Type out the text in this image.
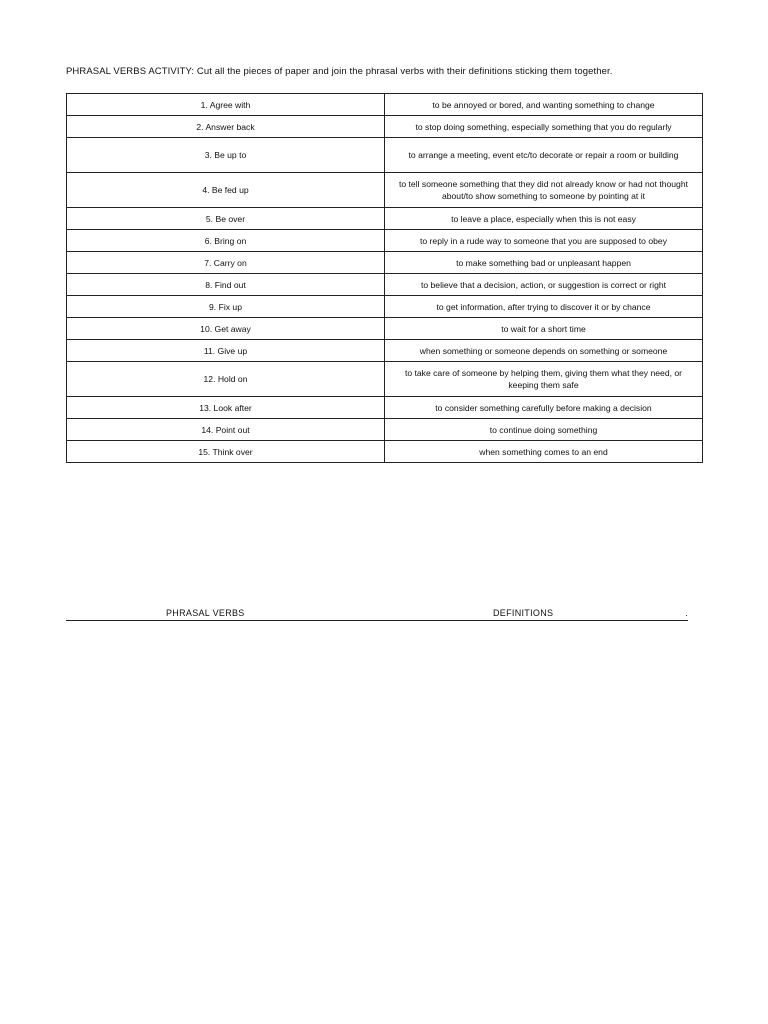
PHRASAL VERBS ACTIVITY: Cut all the pieces of paper and join the phrasal verbs with their definitions sticking them together.
1. Agree with	to be annoyed or bored, and wanting something to change
2. Answer back	to stop doing something, especially something that you do regularly
3. Be up to	to arrange a meeting, event etc/to decorate or repair a room or building
4. Be fed up	to tell someone something that they did not already know or had not thought about/to show something to someone by pointing at it
5. Be over	to leave a place, especially when this is not easy
6. Bring on	to reply in a rude way to someone that you are supposed to obey
7. Carry on	to make something bad or unpleasant happen
8. Find out	to believe that a decision, action, or suggestion is correct or right
9. Fix up	to get information, after trying to discover it or by chance
10. Get away	to wait for a short time
11. Give up	when something or someone depends on something or someone
12. Hold on	to take care of someone by helping them, giving them what they need, or keeping them safe
13. Look after	to consider something carefully before making a decision
14. Point out	to continue doing something
15. Think over	when something comes to an end
PHRASAL VERBS	DEFINITIONS	.
